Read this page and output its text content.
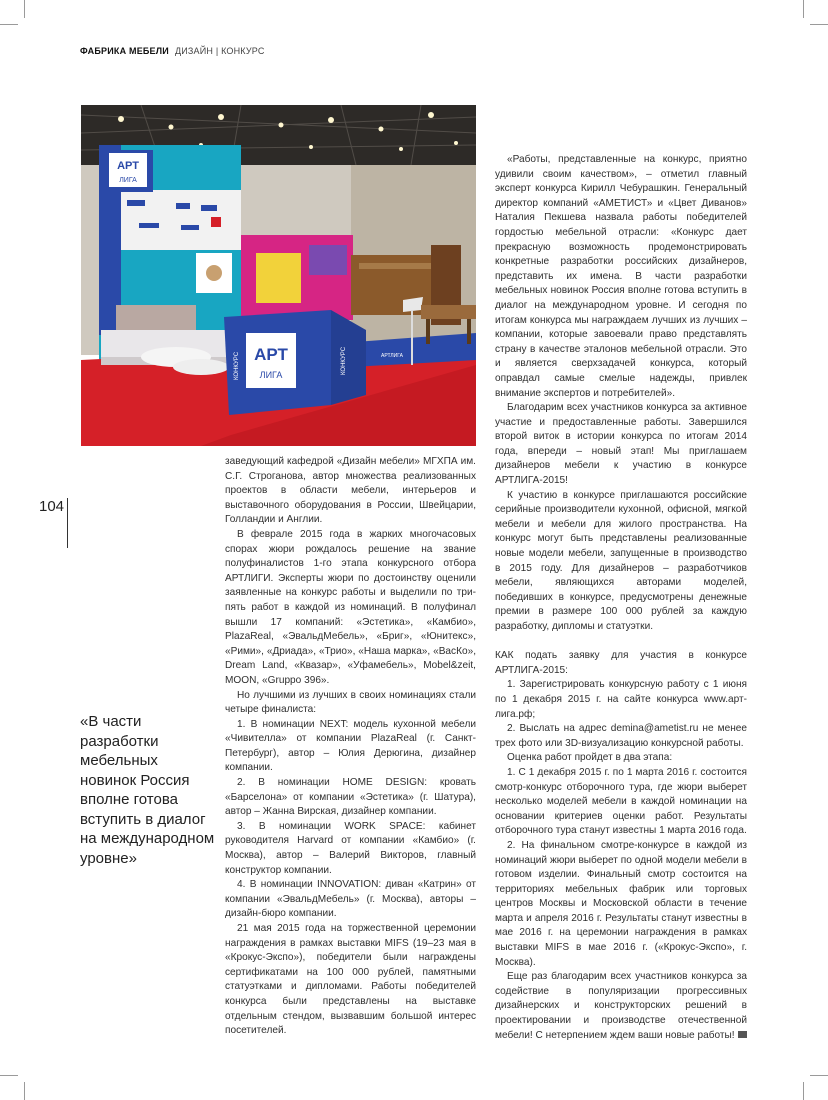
ФАБРИКА МЕБЕЛИ ДИЗАЙН | КОНКУРС
АРТ
ЛИГА
АРТЛИГА
АРТ
ЛИГА
КОНКУРС	КОНКУРС
104
«В части разработки мебельных новинок Россия вполне готова вступить в диалог на международном уровне»

заведующий кафедрой «Дизайн мебели» МГХПА им. С.Г. Строганова, автор множества реализованных проектов в области мебели, интерьеров и выставочного оборудования в России, Швейцарии, Голландии и Англии.

В феврале 2015 года в жарких многочасовых спорах жюри рождалось решение на звание полуфиналистов 1-го этапа конкурсного отбора АРТЛИГИ. Эксперты жюри по достоинству оценили заявленные на конкурс работы и выделили по три-пять работ в каждой из номинаций. В полуфинал вышли 17 компаний: «Эстетика», «Камбио», PlazaReal, «ЭвальдМебель», «Бриг», «Юнитекс», «Рими», «Дриада», «Трио», «Наша марка», «ВасКо», Dream Land, «Квазар», «Уфамебель», Mobel&zeit, MOON, «Gruppo 396».

Но лучшими из лучших в своих номинациях стали четыре финалиста:

1. В номинации NEXT: модель кухонной мебели «Чивителла» от компании PlazaReal (г. Санкт-Петербург), автор – Юлия Дерюгина, дизайнер компании.

2. В номинации HOME DESIGN: кровать «Барселона» от компании «Эстетика» (г. Шатура), автор – Жанна Вирская, дизайнер компании.

3. В номинации WORK SPACE: кабинет руководителя Harvard от компании «Камбио» (г. Москва), автор – Валерий Викторов, главный конструктор компании.

4. В номинации INNOVATION: диван «Катрин» от компании «ЭвальдМебель» (г. Москва), авторы – дизайн-бюро компании.

21 мая 2015 года на торжественной церемонии награждения в рамках выставки MIFS (19–23 мая в «Крокус-Экспо»), победители были награждены сертификатами на 100 000 рублей, памятными статуэтками и дипломами. Работы победителей конкурса были представлены на выставке отдельным стендом, вызвавшим большой интерес посетителей.

«Работы, представленные на конкурс, приятно удивили своим качеством», – отметил главный эксперт конкурса Кирилл Чебурашкин. Генеральный директор компаний «АМЕТИСТ» и «Цвет Диванов» Наталия Пекшева назвала работы победителей гордостью мебельной отрасли: «Конкурс дает прекрасную возможность продемонстрировать конкретные разработки российских дизайнеров, представить их имена. В части разработки мебельных новинок Россия вполне готова вступить в диалог на международном уровне. И сегодня по итогам конкурса мы награждаем лучших из лучших – компании, которые завоевали право представлять страну в качестве эталонов мебельной отрасли. Это и является сверхзадачей конкурса, который оправдал самые смелые надежды, привлек внимание экспертов и потребителей».

Благодарим всех участников конкурса за активное участие и предоставленные работы. Завершился второй виток в истории конкурса по итогам 2014 года, впереди – новый этап! Мы приглашаем дизайнеров мебели к участию в конкурсе АРТЛИГА-2015!

К участию в конкурсе приглашаются российские серийные производители кухонной, офисной, мягкой мебели и мебели для жилого пространства. На конкурс могут быть представлены реализованные новые модели мебели, запущенные в производство в 2015 году. Для дизайнеров – разработчиков мебели, являющихся авторами моделей, победивших в конкурсе, предусмотрены денежные премии в размере 100 000 рублей за каждую разработку, дипломы и статуэтки.

КАК подать заявку для участия в конкурсе АРТЛИГА-2015:

1. Зарегистрировать конкурсную работу с 1 июня по 1 декабря 2015 г. на сайте конкурса www.арт-лига.рф;

2. Выслать на адрес demina@ametist.ru не менее трех фото или 3D-визуализацию конкурсной работы.

Оценка работ пройдет в два этапа:

1. С 1 декабря 2015 г. по 1 марта 2016 г. состоится смотр-конкурс отборочного тура, где жюри выберет несколько моделей мебели в каждой номинации на основании критериев оценки работ. Результаты отборочного тура станут известны 1 марта 2016 года.

2. На финальном смотре-конкурсе в каждой из номинаций жюри выберет по одной модели мебели в готовом изделии. Финальный смотр состоится на территориях мебельных фабрик или торговых центров Москвы и Московской области в течение марта и апреля 2016 г. Результаты станут известны в мае 2016 г. на церемонии награждения в рамках выставки MIFS в мае 2016 г. («Крокус-Экспо», г. Москва).

Еще раз благодарим всех участников конкурса за содействие в популяризации прогрессивных дизайнерских и конструкторских решений в проектировании и производстве отечественной мебели! С нетерпением ждем ваши новые работы!
